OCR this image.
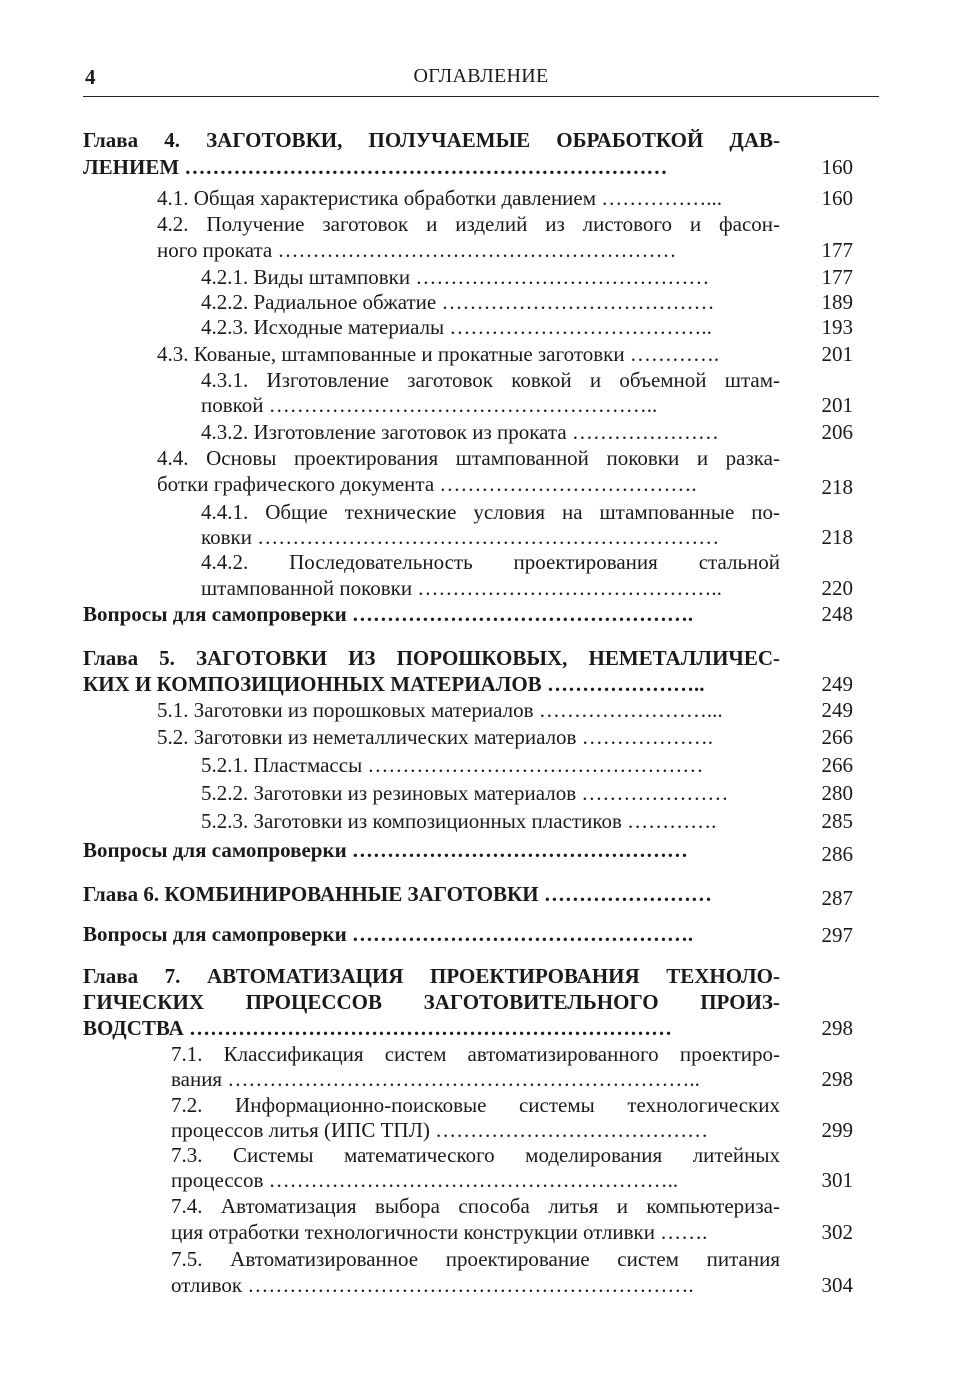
4	ОГЛАВЛЕНИЕ
Глава 4. ЗАГОТОВКИ, ПОЛУЧАЕМЫЕ ОБРАБОТКОЙ ДАВ-
ЛЕНИЕМ ……………………………………………………………	160
4.1. Общая характеристика обработки давлением ……………...	160
4.2. Получение заготовок и изделий из листового и фасон-
ного проката …………………………………………………	177
4.2.1. Виды штамповки ……………………………………	177
4.2.2. Радиальное обжатие …………………………………	189
4.2.3. Исходные материалы ………………………………..	193
4.3. Кованые, штампованные и прокатные заготовки ………….	201
4.3.1. Изготовление заготовок ковкой и объемной штам-
повкой ………………………………………………..	201
4.3.2. Изготовление заготовок из проката …………………	206
4.4. Основы проектирования штампованной поковки и разка-
ботки графического документа ……………………………….	218
4.4.1. Общие технические условия на штампованные по-
ковки …………………………………………………………	218
4.4.2. Последовательность проектирования стальной
штампованной поковки ……………………………………..	220
Вопросы для самопроверки ………………………………………….	248
Глава 5. ЗАГОТОВКИ ИЗ ПОРОШКОВЫХ, НЕМЕТАЛЛИЧЕС-
КИХ И КОМПОЗИЦИОННЫХ МАТЕРИАЛОВ …………………..	249
5.1. Заготовки из порошковых материалов ……………………...	249
5.2. Заготовки из неметаллических материалов ……………….	266
5.2.1. Пластмассы …………………………………………	266
5.2.2. Заготовки из резиновых материалов …………………	280
5.2.3. Заготовки из композиционных пластиков ………….	285
Вопросы для самопроверки …………………………………………	286
Глава 6. КОМБИНИРОВАННЫЕ ЗАГОТОВКИ ……………………	287
Вопросы для самопроверки ………………………………………….	297
Глава 7. АВТОМАТИЗАЦИЯ ПРОЕКТИРОВАНИЯ ТЕХНОЛО-
ГИЧЕСКИХ ПРОЦЕССОВ ЗАГОТОВИТЕЛЬНОГО ПРОИЗ-
ВОДСТВА ……………………………………………………………	298
7.1. Классификация систем автоматизированного проектиро-
вания …………………………………………………………..	298
7.2. Информационно-поисковые системы технологических
процессов литья (ИПС ТПЛ) …………………………………	299
7.3. Системы математического моделирования литейных
процессов …………………………………………………..	301
7.4. Автоматизация выбора способа литья и компьютериза-
ция отработки технологичности конструкции отливки …….	302
7.5. Автоматизированное проектирование систем питания
отливок ……………………………………………………….	304
